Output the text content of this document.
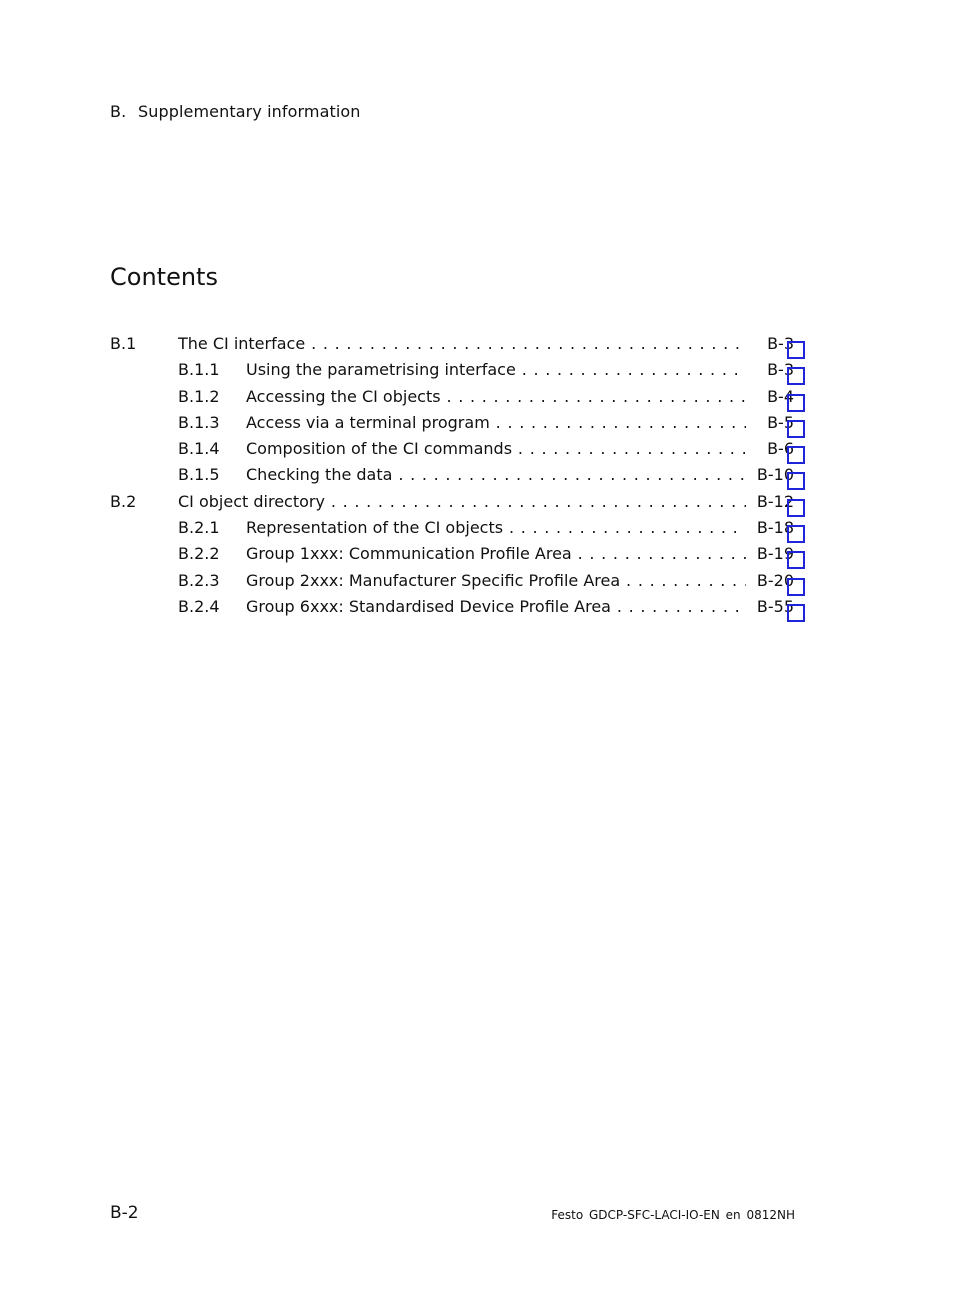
B. Supplementary information
Contents
B.1	The CI interface . . .	B-3
B.1.1 Using the parametrising interface . . .	B-3
B.1.2 Accessing the CI objects . . .	B-4
B.1.3 Access via a terminal program . . .	B-5
B.1.4 Composition of the CI commands . . .	B-6
B.1.5 Checking the data . . .	B-10
B.2	CI object directory . . .	B-12
B.2.1 Representation of the CI objects . . .	B-18
B.2.2 Group 1xxx: Communication Profile Area . . .	B-19
B.2.3 Group 2xxx: Manufacturer Specific Profile Area . . .	B-20
B.2.4 Group 6xxx: Standardised Device Profile Area . . .	B-55
B-2	Festo GDCP-SFC-LACI-IO-EN en 0812NH
